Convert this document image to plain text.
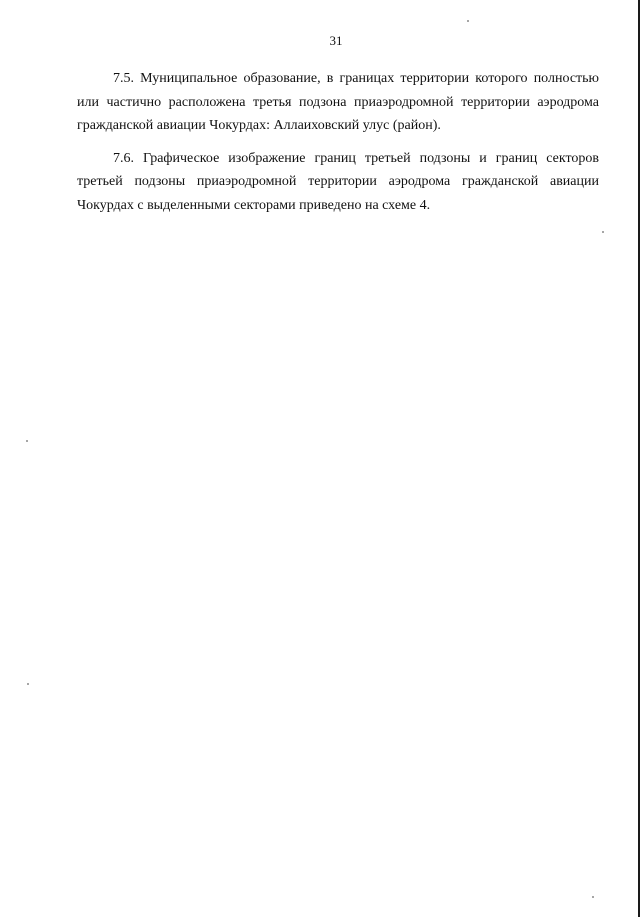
31

7.5. Муниципальное образование, в границах территории которого полностью или частично расположена третья подзона приаэродромной территории аэродрома гражданской авиации Чокурдах: Аллаиховский улус (район).

7.6. Графическое изображение границ третьей подзоны и границ секторов третьей подзоны приаэродромной территории аэродрома гражданской авиации Чокурдах с выделенными секторами приведено на схеме 4.
